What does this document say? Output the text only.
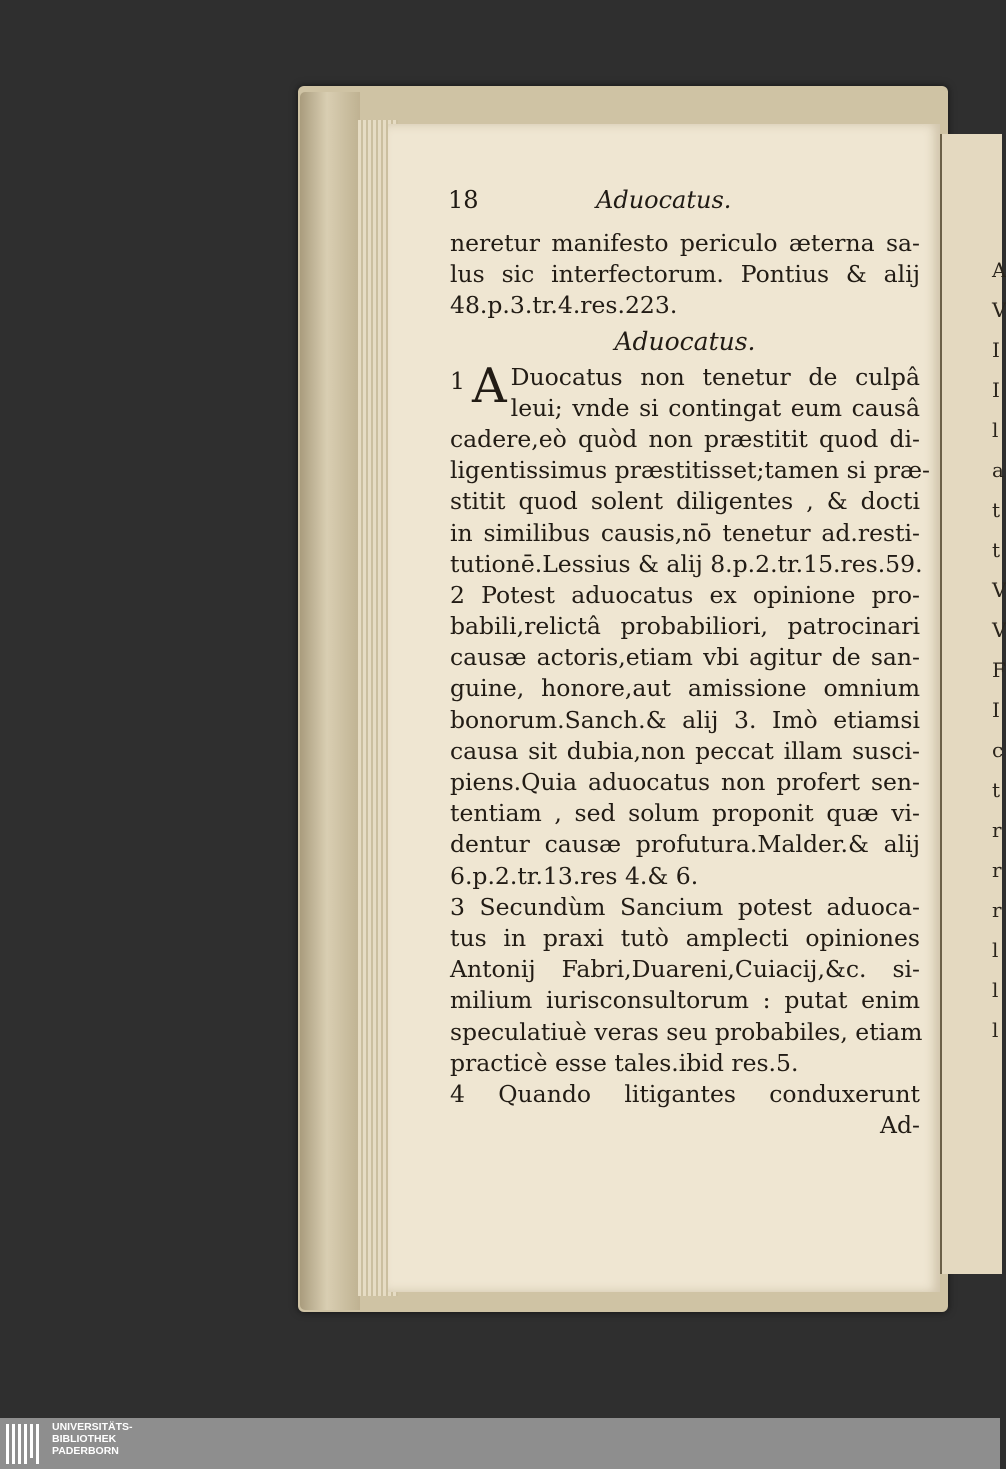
18	Aduocatus.
neretur manifesto periculo æterna sa-
lus sic interfectorum. Pontius & alij
48.p.3.tr.4.res.223.
Aduocatus.
1 A Duocatus non tenetur de culpâ
leui; vnde si contingat eum causâ
cadere,eò quòd non præstitit quod di-
ligentissimus præstitisset;tamen si præ-
stitit quod solent diligentes , & docti
in similibus causis,nō tenetur ad.resti-
tutionē.Lessius & alij 8.p.2.tr.15.res.59.
2 Potest aduocatus ex opinione pro-
babili,relictâ probabiliori, patrocinari
causæ actoris,etiam vbi agitur de san-
guine, honore,aut amissione omnium
bonorum.Sanch.& alij 3. Imò etiamsi
causa sit dubia,non peccat illam susci-
piens.Quia aduocatus non profert sen-
tentiam , sed solum proponit quæ vi-
dentur causæ profutura.Malder.& alij
6.p.2.tr.13.res 4.& 6.
3 Secundùm Sancium potest aduoca-
tus in praxi tutò amplecti opiniones
Antonij Fabri,Duareni,Cuiacij,&c. si-
milium iurisconsultorum : putat enim
speculatiuè veras seu probabiles, etiam
practicè esse tales.ibid res.5.
4 Quando litigantes conduxerunt
Ad-
UNIVERSITÄTS-
BIBLIOTHEK
PADERBORN
A
V
I
I
l
a
t
t
V
V
F
I
c
t
r
r
r
l
l
l
